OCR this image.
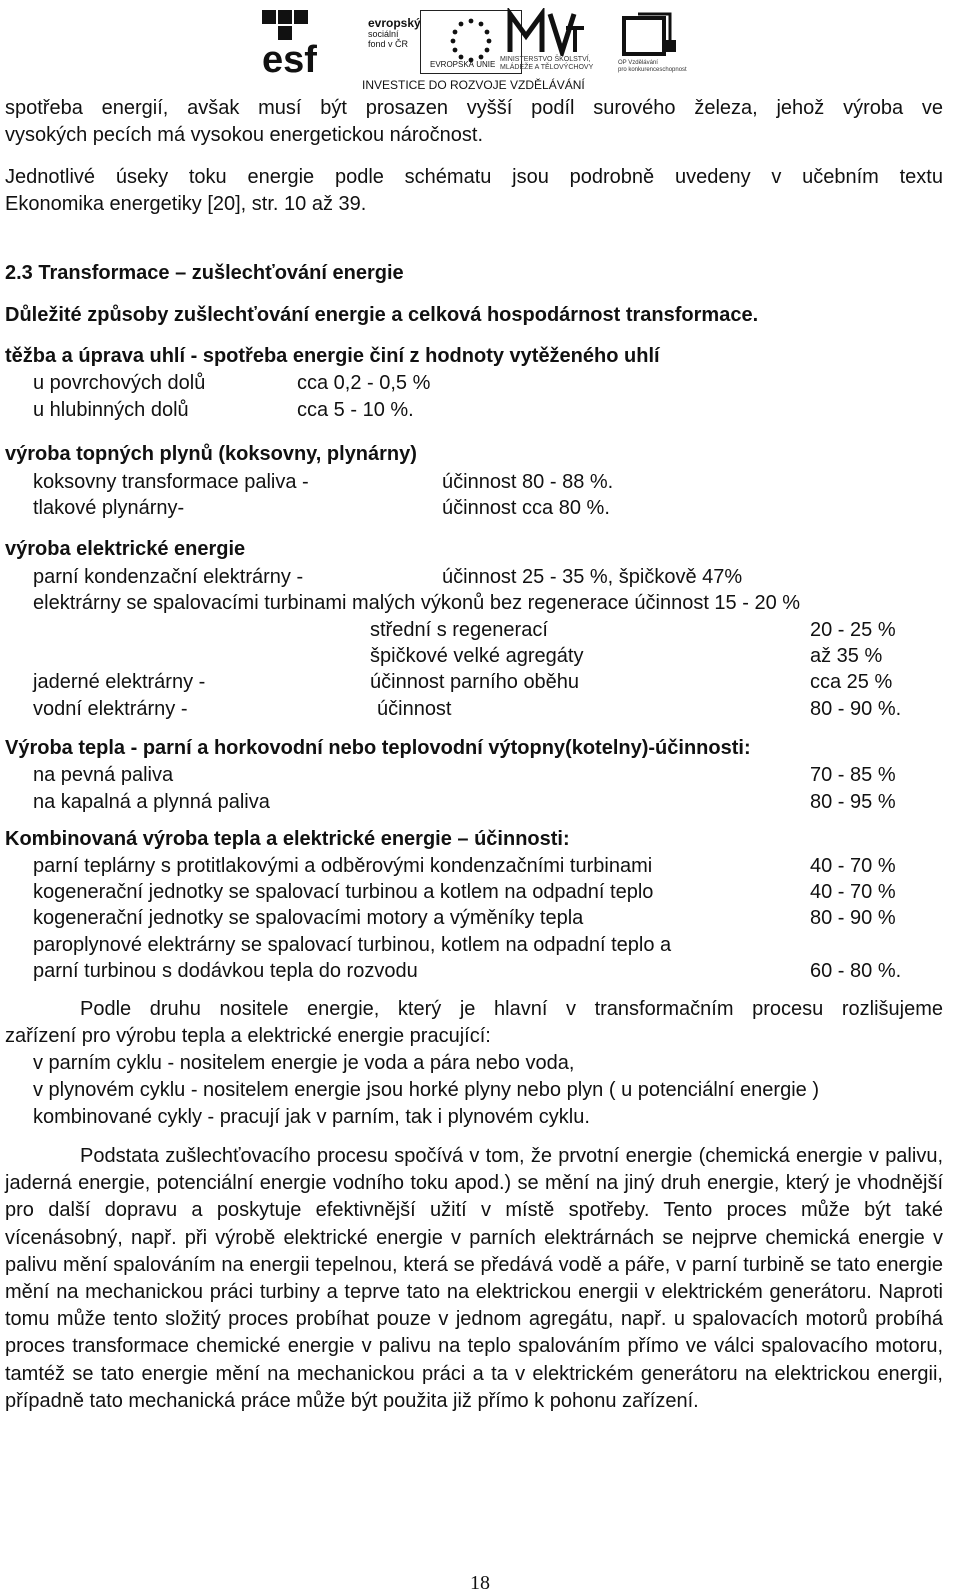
esf
evropský
sociální
fond v ČR
EVROPSKÁ UNIE
MINISTERSTVO ŠKOLSTVÍ,
MLÁDEŽE A TĚLOVÝCHOVY
OP Vzdělávání
pro konkurenceschopnost
INVESTICE DO ROZVOJE VZDĚLÁVÁNÍ
spotřeba energií, avšak musí být prosazen vyšší podíl surového železa, jehož výroba ve
vysokých pecích má vysokou energetickou náročnost.
Jednotlivé úseky toku energie podle schématu jsou podrobně uvedeny v učebním textu
Ekonomika energetiky [20], str. 10 až 39.
2.3 Transformace – zušlechťování energie
Důležité způsoby zušlechťování energie a celková hospodárnost transformace.
těžba a úprava uhlí - spotřeba energie činí z hodnoty vytěženého uhlí
u povrchových dolů	cca 0,2 - 0,5 %
u hlubinných dolů	cca 5 - 10 %.
výroba topných plynů (koksovny, plynárny)
koksovny transformace paliva -	účinnost 80 - 88 %.
tlakové plynárny-	účinnost cca 80 %.
výroba elektrické energie
parní kondenzační elektrárny -	účinnost 25 - 35 %, špičkově 47%
elektrárny se spalovacími turbinami malých výkonů bez regenerace účinnost 15 - 20 %
střední s regenerací	20 - 25 %
špičkové velké agregáty	až 35 %
jaderné elektrárny -	účinnost parního oběhu	cca 25 %
vodní elektrárny -	účinnost	80 - 90 %.
Výroba tepla - parní a horkovodní nebo teplovodní výtopny(kotelny)-účinnosti:
na pevná paliva	70 - 85 %
na kapalná a plynná paliva	80 - 95 %
Kombinovaná výroba tepla a elektrické energie – účinnosti:
parní teplárny s protitlakovými a odběrovými kondenzačními turbinami	40 - 70 %
kogenerační jednotky se spalovací turbinou a kotlem na odpadní teplo	40 - 70 %
kogenerační jednotky se spalovacími motory a výměníky tepla	80 - 90 %
paroplynové elektrárny se spalovací turbinou, kotlem na odpadní teplo a
parní turbinou s dodávkou tepla do rozvodu	60 - 80 %.
Podle druhu nositele energie, který je hlavní v transformačním procesu rozlišujeme
zařízení pro výrobu tepla a elektrické energie pracující:
v parním cyklu - nositelem energie je voda a pára nebo voda,
v plynovém cyklu - nositelem energie jsou horké plyny nebo plyn ( u potenciální energie )
kombinované cykly - pracují jak v parním, tak i plynovém cyklu.

Podstata zušlechťovacího procesu spočívá v tom, že prvotní energie (chemická energie v palivu, jaderná energie, potenciální energie vodního toku apod.) se mění na jiný druh energie, který je vhodnější pro další dopravu a poskytuje efektivnější užití v místě spotřeby. Tento proces může být také vícenásobný, např. při výrobě elektrické energie v parních elektrárnách se nejprve chemická energie v palivu mění spalováním na energii tepelnou, která se předává vodě a páře, v parní turbině se tato energie mění na mechanickou práci turbiny a teprve tato na elektrickou energii v elektrickém generátoru. Naproti tomu může tento složitý proces probíhat pouze v jednom agregátu, např. u spalovacích motorů probíhá proces transformace chemické energie v palivu na teplo spalováním přímo ve válci spalovacího motoru, tamtéž se tato energie mění na mechanickou práci a ta v elektrickém generátoru na elektrickou energii, případně tato mechanická práce může být použita již přímo k pohonu zařízení.

18
